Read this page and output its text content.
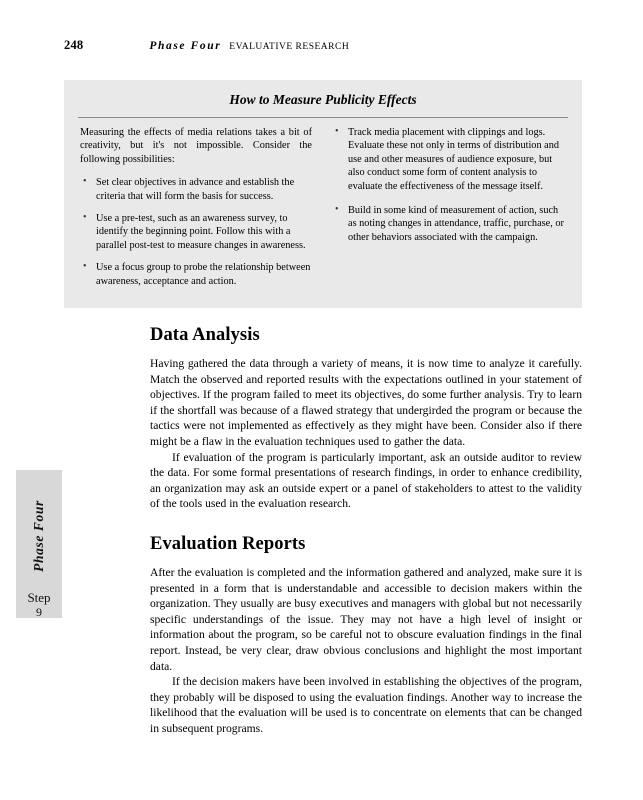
248	Phase Four EVALUATIVE RESEARCH
Phase Four
Step
9
How to Measure Publicity Effects

Measuring the effects of media relations takes a bit of creativity, but it's not impossible. Consider the following possibilities:

• Set clear objectives in advance and establish the criteria that will form the basis for success.
• Use a pre-test, such as an awareness survey, to identify the beginning point. Follow this with a parallel post-test to measure changes in awareness.
• Use a focus group to probe the relationship between awareness, acceptance and action.
• Track media placement with clippings and logs. Evaluate these not only in terms of distribution and use and other measures of audience exposure, but also conduct some form of content analysis to evaluate the effectiveness of the message itself.
• Build in some kind of measurement of action, such as noting changes in attendance, traffic, purchase, or other behaviors associated with the campaign.
Data Analysis

Having gathered the data through a variety of means, it is now time to analyze it carefully. Match the observed and reported results with the expectations outlined in your statement of objectives. If the program failed to meet its objectives, do some further analysis. Try to learn if the shortfall was because of a flawed strategy that undergirded the program or because the tactics were not implemented as effectively as they might have been. Consider also if there might be a flaw in the evaluation techniques used to gather the data.

If evaluation of the program is particularly important, ask an outside auditor to review the data. For some formal presentations of research findings, in order to enhance credibility, an organization may ask an outside expert or a panel of stakeholders to attest to the validity of the tools used in the evaluation research.

Evaluation Reports

After the evaluation is completed and the information gathered and analyzed, make sure it is presented in a form that is understandable and accessible to decision makers within the organization. They usually are busy executives and managers with global but not necessarily specific understandings of the issue. They may not have a high level of insight or information about the program, so be careful not to obscure evaluation findings in the final report. Instead, be very clear, draw obvious conclusions and highlight the most important data.

If the decision makers have been involved in establishing the objectives of the program, they probably will be disposed to using the evaluation findings. Another way to increase the likelihood that the evaluation will be used is to concentrate on elements that can be changed in subsequent programs.
